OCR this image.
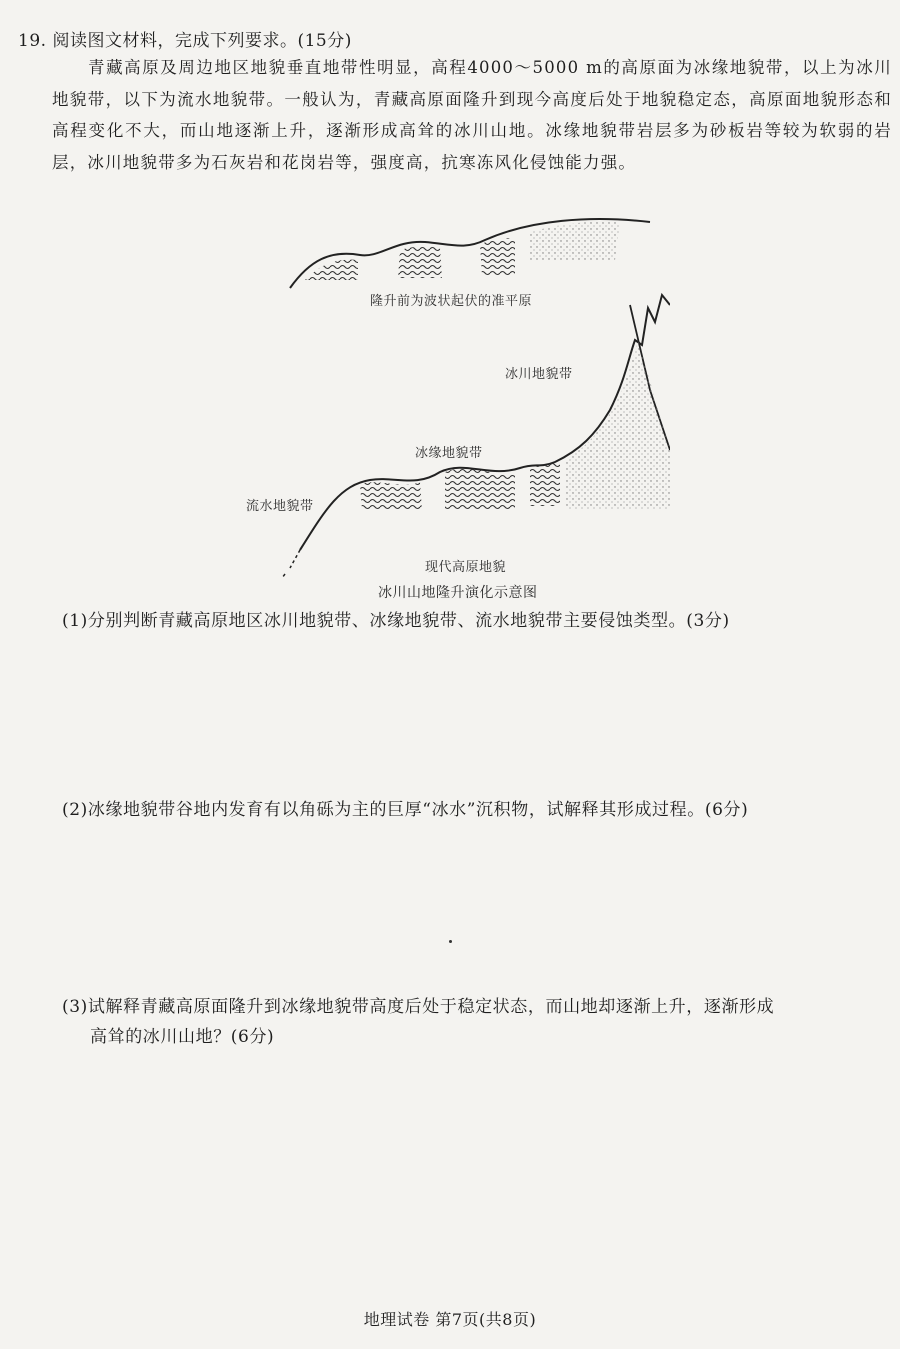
19. 阅读图文材料，完成下列要求。(15分)
青藏高原及周边地区地貌垂直地带性明显，高程4000～5000 m的高原面为冰缘地貌带，以上为冰川地貌带，以下为流水地貌带。一般认为，青藏高原面隆升到现今高度后处于地貌稳定态，高原面地貌形态和高程变化不大，而山地逐渐上升，逐渐形成高耸的冰川山地。冰缘地貌带岩层多为砂板岩等较为软弱的岩层，冰川地貌带多为石灰岩和花岗岩等，强度高，抗寒冻风化侵蚀能力强。
隆升前为波状起伏的准平原
冰川地貌带
冰缘地貌带
流水地貌带
现代高原地貌
冰川山地隆升演化示意图
(1)分别判断青藏高原地区冰川地貌带、冰缘地貌带、流水地貌带主要侵蚀类型。(3分)
(2)冰缘地貌带谷地内发育有以角砾为主的巨厚“冰水”沉积物，试解释其形成过程。(6分)
(3)试解释青藏高原面隆升到冰缘地貌带高度后处于稳定状态，而山地却逐渐上升，逐渐形成
高耸的冰川山地？(6分)
地理试卷 第7页(共8页)
